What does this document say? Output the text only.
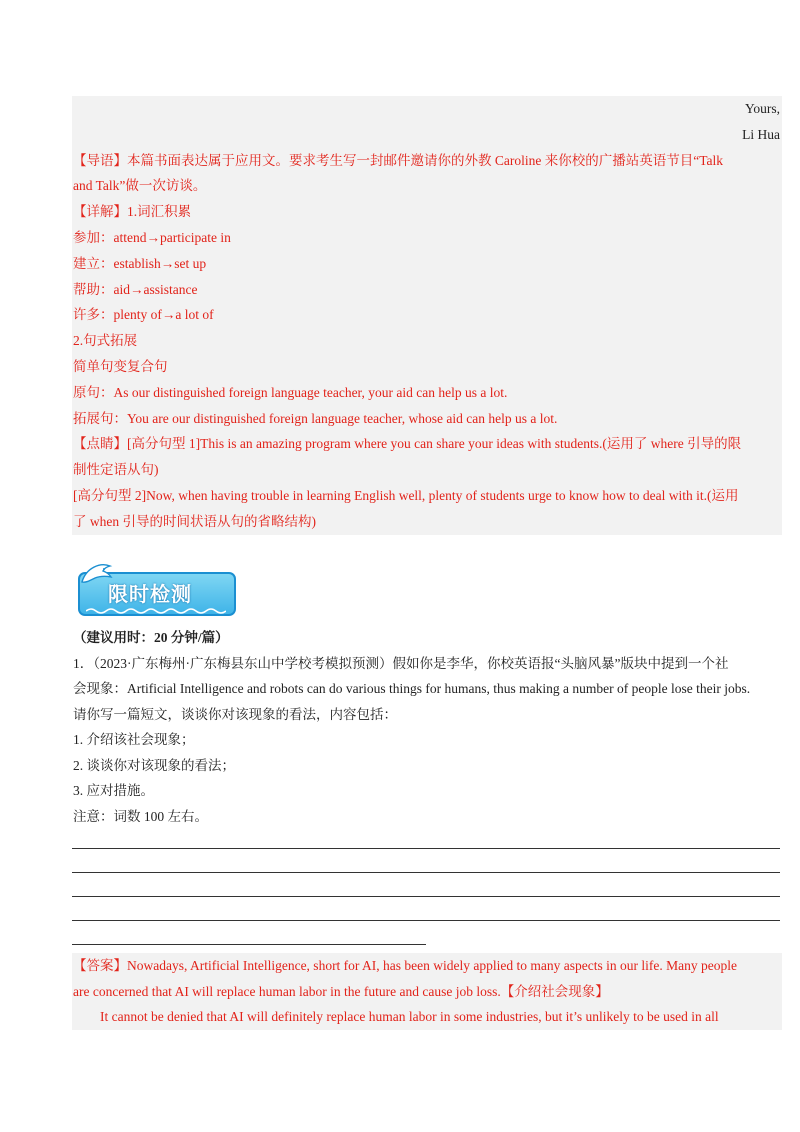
Yours,
Li Hua
【导语】本篇书面表达属于应用文。要求考生写一封邮件邀请你的外教 Caroline 来你校的广播站英语节目“Talk
and Talk”做一次访谈。
【详解】1.词汇积累
参加：attend→participate in
建立：establish→set up
帮助：aid→assistance
许多：plenty of→a lot of
2.句式拓展
简单句变复合句
原句：As our distinguished foreign language teacher, your aid can help us a lot.
拓展句：You are our distinguished foreign language teacher, whose aid can help us a lot.
【点睛】[高分句型 1]This is an amazing program where you can share your ideas with students.(运用了 where 引导的限
制性定语从句)
[高分句型 2]Now, when having trouble in learning English well, plenty of students urge to know how to deal with it.(运用
了 when 引导的时间状语从句的省略结构)
限时检测
（建议用时：20 分钟/篇）
1．（2023·广东梅州·广东梅县东山中学校考模拟预测）假如你是李华，你校英语报“头脑风暴”版块中提到一个社
会现象：Artificial Intelligence and robots can do various things for humans, thus making a number of people lose their jobs.
请你写一篇短文，谈谈你对该现象的看法，内容包括：
1. 介绍该社会现象；
2. 谈谈你对该现象的看法；
3. 应对措施。
注意：词数 100 左右。
【答案】Nowadays, Artificial Intelligence, short for AI, has been widely applied to many aspects in our life. Many people
are concerned that AI will replace human labor in the future and cause job loss.【介绍社会现象】
It cannot be denied that AI will definitely replace human labor in some industries, but it’s unlikely to be used in all
